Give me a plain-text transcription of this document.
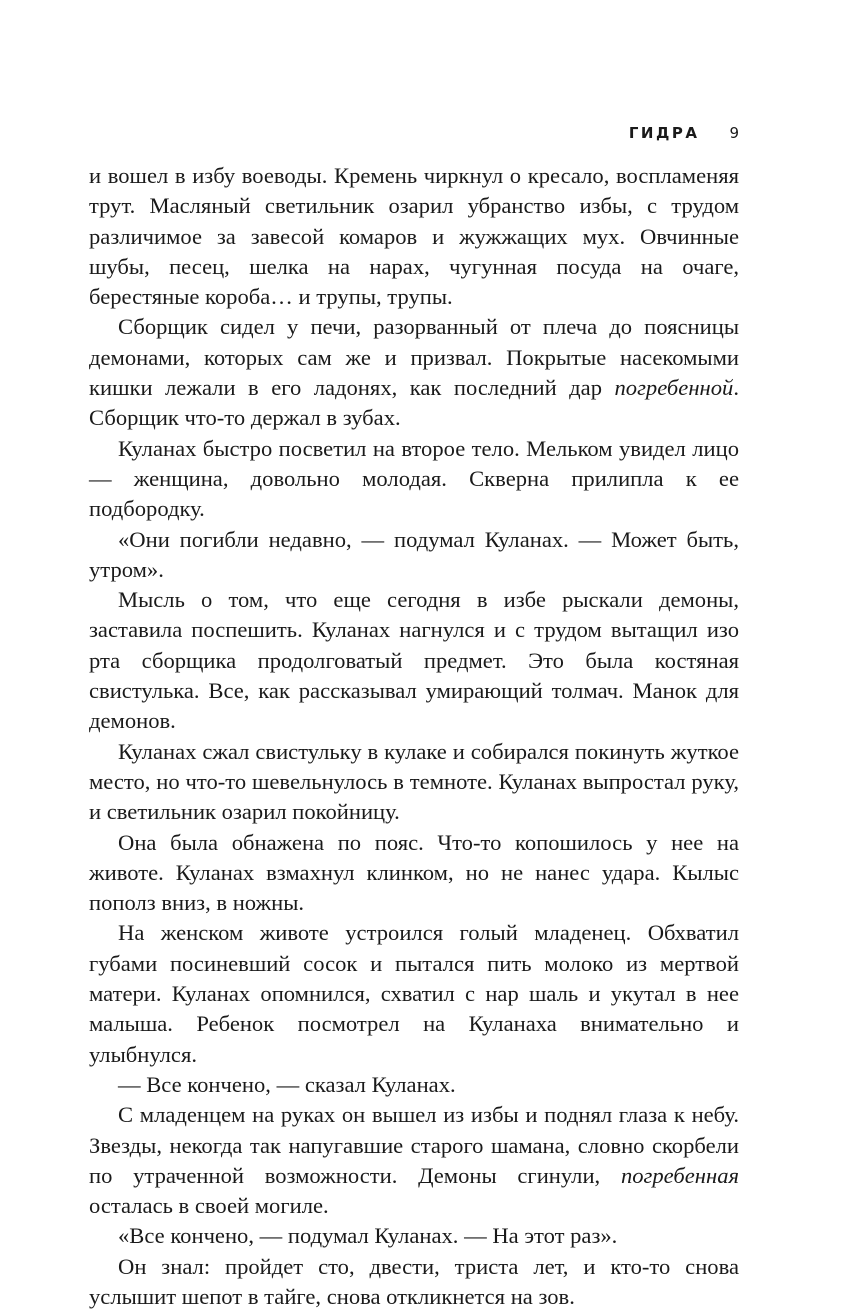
ГИДРА 9

и вошел в избу воеводы. Кремень чиркнул о кресало, воспламеняя трут. Масляный светильник озарил убранство избы, с трудом различимое за завесой комаров и жужжащих мух. Овчинные шубы, песец, шелка на нарах, чугунная посуда на очаге, берестяные короба… и трупы, трупы.

Сборщик сидел у печи, разорванный от плеча до поясницы демонами, которых сам же и призвал. Покрытые насекомыми кишки лежали в его ладонях, как последний дар погребенной. Сборщик что-то держал в зубах.

Куланах быстро посветил на второе тело. Мельком увидел лицо — женщина, довольно молодая. Скверна прилипла к ее подбородку.

«Они погибли недавно, — подумал Куланах. — Может быть, утром».

Мысль о том, что еще сегодня в избе рыскали демоны, заставила поспешить. Куланах нагнулся и с трудом вытащил изо рта сборщика продолговатый предмет. Это была костяная свистулька. Все, как рассказывал умирающий толмач. Манок для демонов.

Куланах сжал свистульку в кулаке и собирался покинуть жуткое место, но что-то шевельнулось в темноте. Куланах выпростал руку, и светильник озарил покойницу.

Она была обнажена по пояс. Что-то копошилось у нее на животе. Куланах взмахнул клинком, но не нанес удара. Кылыс пополз вниз, в ножны.

На женском животе устроился голый младенец. Обхватил губами посиневший сосок и пытался пить молоко из мертвой матери. Куланах опомнился, схватил с нар шаль и укутал в нее малыша. Ребенок посмотрел на Куланаха внимательно и улыбнулся.

— Все кончено, — сказал Куланах.

С младенцем на руках он вышел из избы и поднял глаза к небу. Звезды, некогда так напугавшие старого шамана, словно скорбели по утраченной возможности. Демоны сгинули, погребенная осталась в своей могиле.

«Все кончено, — подумал Куланах. — На этот раз».

Он знал: пройдет сто, двести, триста лет, и кто-то снова услышит шепот в тайге, снова откликнется на зов.
